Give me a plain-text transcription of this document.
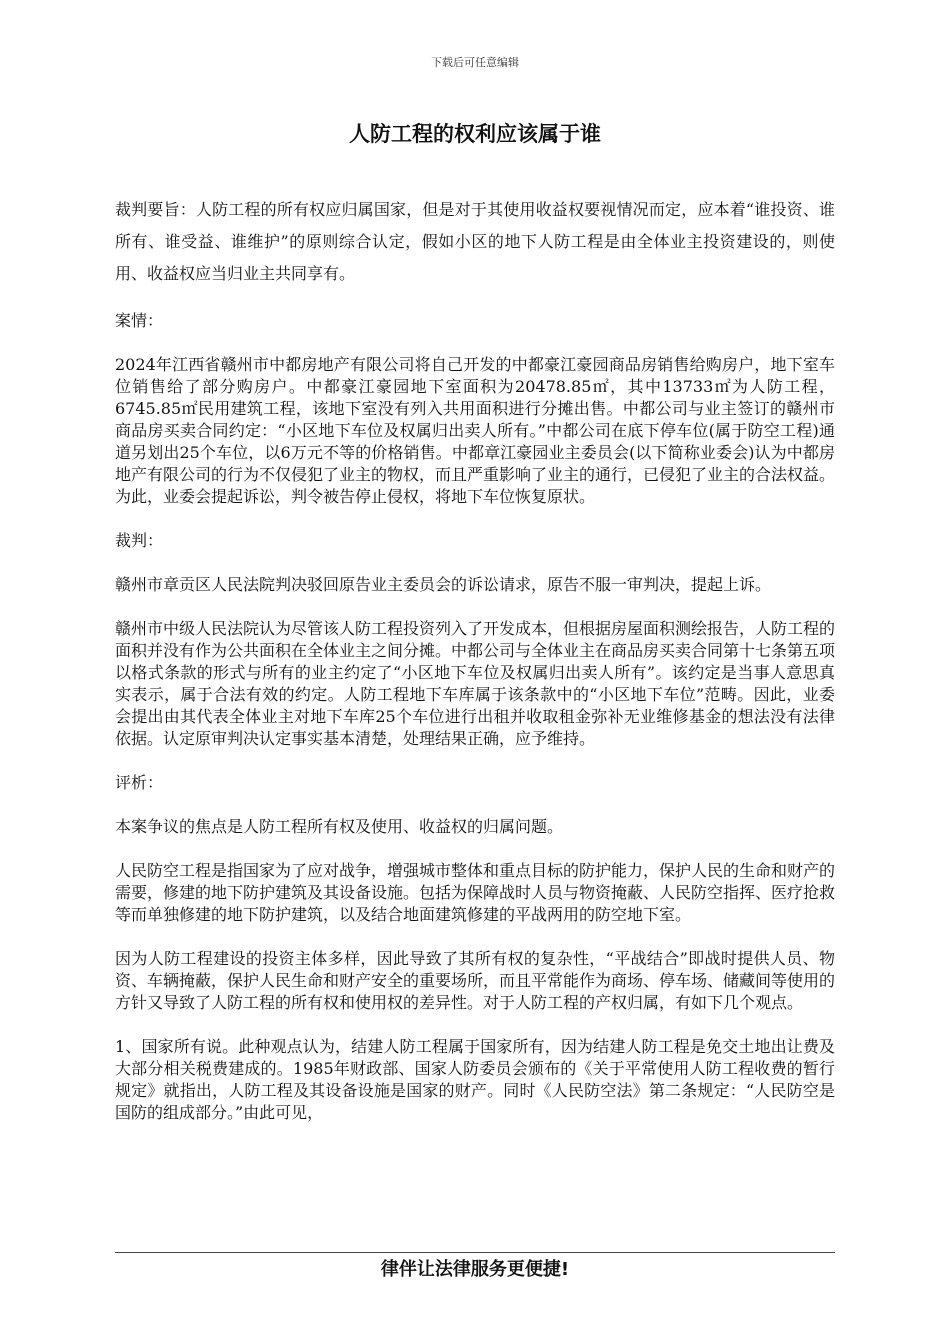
下载后可任意编辑
人防工程的权利应该属于谁

裁判要旨：人防工程的所有权应归属国家，但是对于其使用收益权要视情况而定，应本着“谁投资、谁所有、谁受益、谁维护”的原则综合认定，假如小区的地下人防工程是由全体业主投资建设的，则使用、收益权应当归业主共同享有。

案情：

2024年江西省赣州市中都房地产有限公司将自己开发的中都豪江豪园商品房销售给购房户，地下室车位销售给了部分购房户。中都豪江豪园地下室面积为20478.85㎡，其中13733㎡为人防工程，6745.85㎡民用建筑工程，该地下室没有列入共用面积进行分摊出售。中都公司与业主签订的赣州市商品房买卖合同约定：“小区地下车位及权属归出卖人所有。”中都公司在底下停车位(属于防空工程)通道另划出25个车位，以6万元不等的价格销售。中都章江豪园业主委员会(以下简称业委会)认为中都房地产有限公司的行为不仅侵犯了业主的物权，而且严重影响了业主的通行，已侵犯了业主的合法权益。为此，业委会提起诉讼，判令被告停止侵权，将地下车位恢复原状。

裁判：

赣州市章贡区人民法院判决驳回原告业主委员会的诉讼请求，原告不服一审判决，提起上诉。

赣州市中级人民法院认为尽管该人防工程投资列入了开发成本，但根据房屋面积测绘报告，人防工程的面积并没有作为公共面积在全体业主之间分摊。中都公司与全体业主在商品房买卖合同第十七条第五项以格式条款的形式与所有的业主约定了“小区地下车位及权属归出卖人所有”。该约定是当事人意思真实表示，属于合法有效的约定。人防工程地下车库属于该条款中的“小区地下车位”范畴。因此，业委会提出由其代表全体业主对地下车库25个车位进行出租并收取租金弥补无业维修基金的想法没有法律依据。认定原审判决认定事实基本清楚，处理结果正确，应予维持。

评析：

本案争议的焦点是人防工程所有权及使用、收益权的归属问题。

人民防空工程是指国家为了应对战争，增强城市整体和重点目标的防护能力，保护人民的生命和财产的需要，修建的地下防护建筑及其设备设施。包括为保障战时人员与物资掩蔽、人民防空指挥、医疗抢救等而单独修建的地下防护建筑，以及结合地面建筑修建的平战两用的防空地下室。

因为人防工程建设的投资主体多样，因此导致了其所有权的复杂性，“平战结合”即战时提供人员、物资、车辆掩蔽，保护人民生命和财产安全的重要场所，而且平常能作为商场、停车场、储藏间等使用的方针又导致了人防工程的所有权和使用权的差异性。对于人防工程的产权归属，有如下几个观点。

1、国家所有说。此种观点认为，结建人防工程属于国家所有，因为结建人防工程是免交土地出让费及大部分相关税费建成的。1985年财政部、国家人防委员会颁布的《关于平常使用人防工程收费的暂行规定》就指出，人防工程及其设备设施是国家的财产。同时《人民防空法》第二条规定：“人民防空是国防的组成部分。”由此可见，

律伴让法律服务更便捷!
